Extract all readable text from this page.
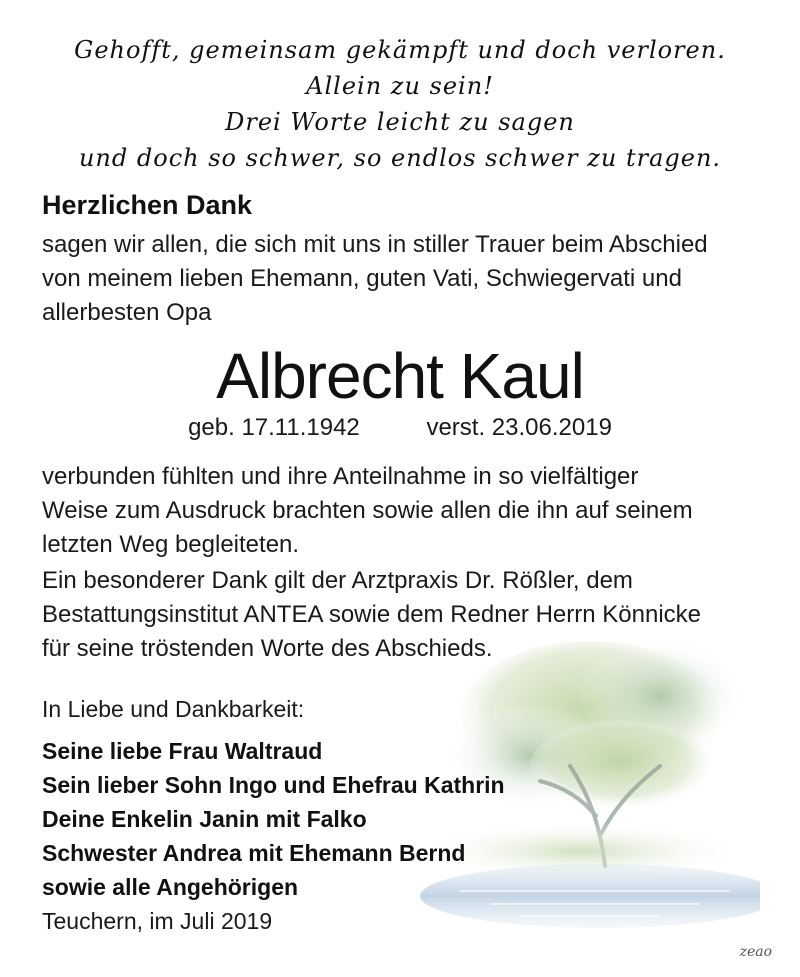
Gehofft, gemeinsam gekämpft und doch verloren.
Allein zu sein!
Drei Worte leicht zu sagen
und doch so schwer, so endlos schwer zu tragen.
Herzlichen Dank
sagen wir allen, die sich mit uns in stiller Trauer beim Abschied
von meinem lieben Ehemann, guten Vati, Schwiegervati und
allerbesten Opa
Albrecht Kaul
geb. 17.11.1942	verst. 23.06.2019
verbunden fühlten und ihre Anteilnahme in so vielfältiger
Weise zum Ausdruck brachten sowie allen die ihn auf seinem
letzten Weg begleiteten.
Ein besonderer Dank gilt der Arztpraxis Dr. Rößler, dem
Bestattungsinstitut ANTEA sowie dem Redner Herrn Könnicke
für seine tröstenden Worte des Abschieds.
In Liebe und Dankbarkeit:
Seine liebe Frau Waltraud
Sein lieber Sohn Ingo und Ehefrau Kathrin
Deine Enkelin Janin mit Falko
Schwester Andrea mit Ehemann Bernd
sowie alle Angehörigen
Teuchern, im Juli 2019
zeao
